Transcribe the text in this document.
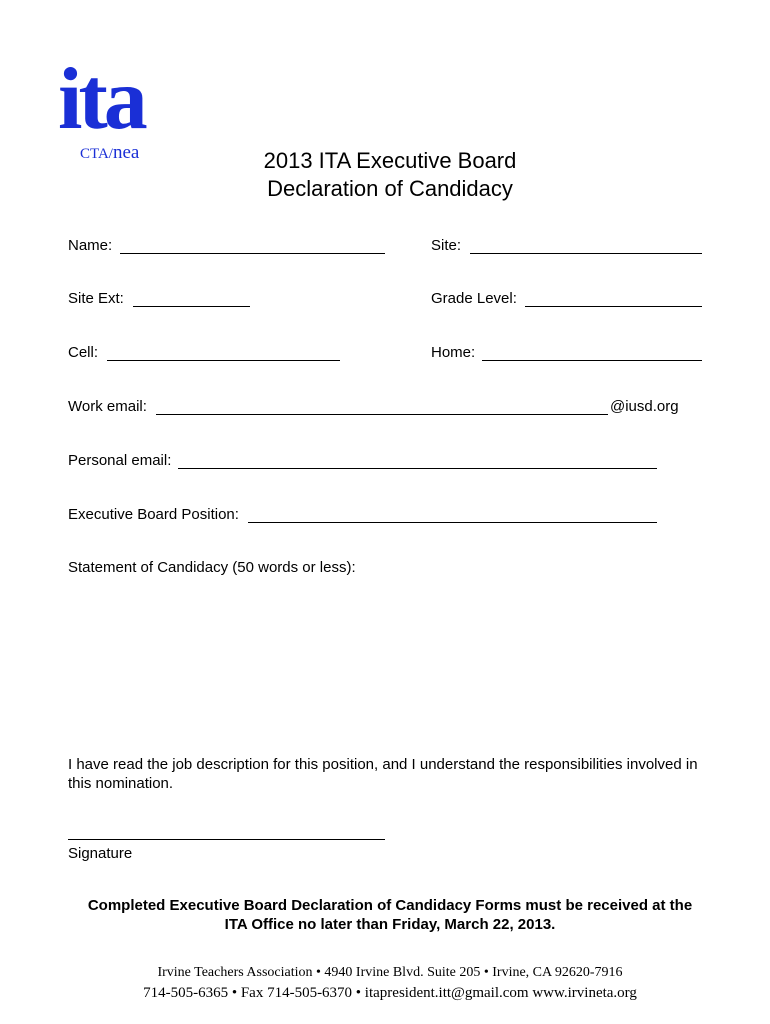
ita
CTA/nea	2013 ITA Executive Board
Declaration of Candidacy
Name:	Site:
Site Ext:	Grade Level:
Cell:	Home:
Work email:	@iusd.org
Personal email:
Executive Board Position:
Statement of Candidacy (50 words or less):
I have read the job description for this position, and I understand the responsibilities involved in this nomination.
Signature
Completed Executive Board Declaration of Candidacy Forms must be received at the
ITA Office no later than Friday, March 22, 2013.
Irvine Teachers Association • 4940 Irvine Blvd. Suite 205 • Irvine, CA 92620-7916
714-505-6365 • Fax 714-505-6370 • itapresident.itt@gmail.com www.irvineta.org
